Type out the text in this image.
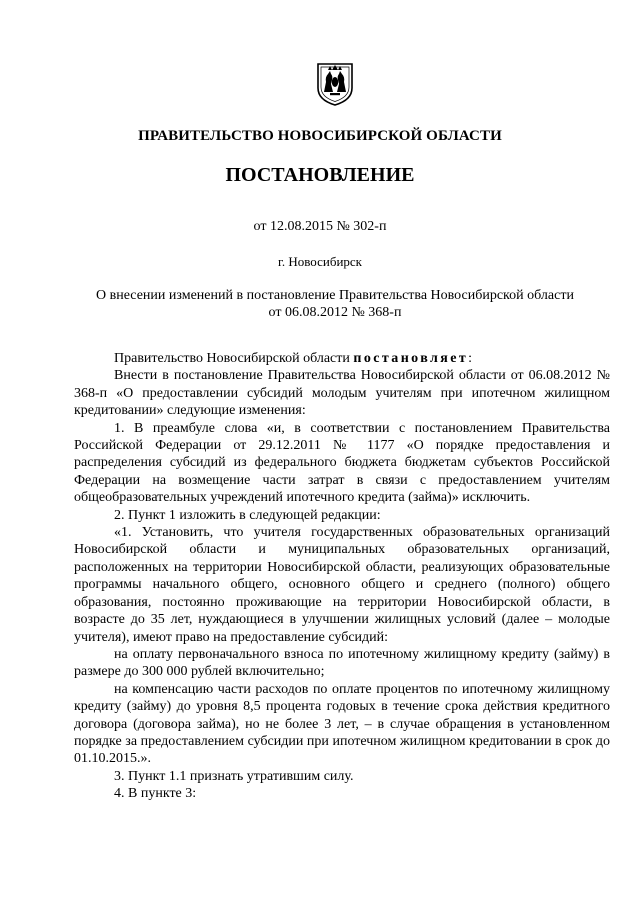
ПРАВИТЕЛЬСТВО НОВОСИБИРСКОЙ ОБЛАСТИ
ПОСТАНОВЛЕНИЕ
от 12.08.2015 № 302-п
г. Новосибирск
О внесении изменений в постановление Правительства Новосибирской области
от 06.08.2012 № 368-п

Правительство Новосибирской области постановляет:

Внести в постановление Правительства Новосибирской области от 06.08.2012 № 368-п «О предоставлении субсидий молодым учителям при ипотечном жилищном кредитовании» следующие изменения:

1. В преамбуле слова «и, в соответствии с постановлением Правительства Российской Федерации от 29.12.2011 № 1177 «О порядке предоставления и распределения субсидий из федерального бюджета бюджетам субъектов Российской Федерации на возмещение части затрат в связи с предоставлением учителям общеобразовательных учреждений ипотечного кредита (займа)» исключить.

2. Пункт 1 изложить в следующей редакции:

«1. Установить, что учителя государственных образовательных организаций Новосибирской области и муниципальных образовательных организаций, расположенных на территории Новосибирской области, реализующих образовательные программы начального общего, основного общего и среднего (полного) общего образования, постоянно проживающие на территории Новосибирской области, в возрасте до 35 лет, нуждающиеся в улучшении жилищных условий (далее – молодые учителя), имеют право на предоставление субсидий:

на оплату первоначального взноса по ипотечному жилищному кредиту (займу) в размере до 300 000 рублей включительно;

на компенсацию части расходов по оплате процентов по ипотечному жилищному кредиту (займу) до уровня 8,5 процента годовых в течение срока действия кредитного договора (договора займа), но не более 3 лет, – в случае обращения в установленном порядке за предоставлением субсидии при ипотечном жилищном кредитовании в срок до 01.10.2015.».

3. Пункт 1.1 признать утратившим силу.

4. В пункте 3:
